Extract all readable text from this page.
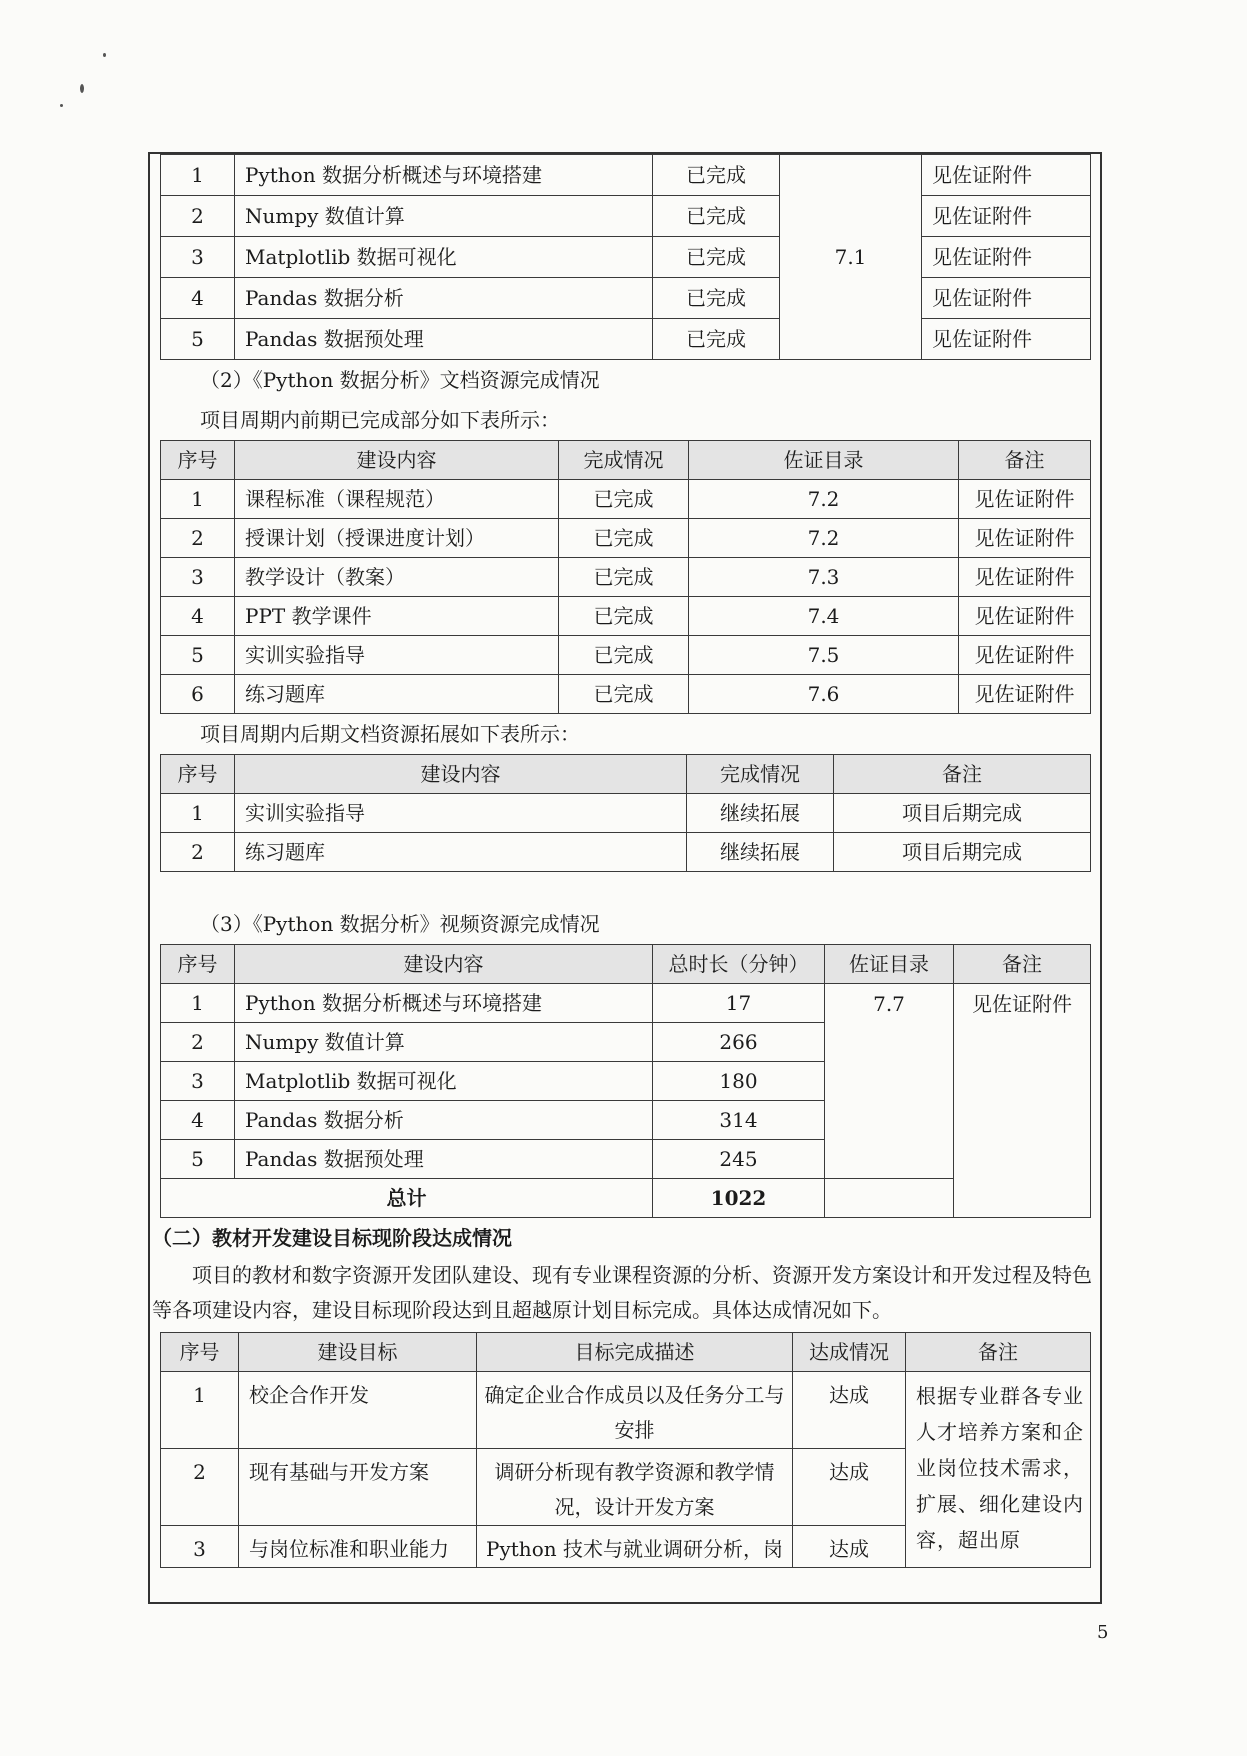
1	Python 数据分析概述与环境搭建	已完成	7.1	见佐证附件
2	Numpy 数值计算	已完成		见佐证附件
3	Matplotlib 数据可视化	已完成		见佐证附件
4	Pandas 数据分析	已完成		见佐证附件
5	Pandas 数据预处理	已完成		见佐证附件
（2）《Python 数据分析》文档资源完成情况
项目周期内前期已完成部分如下表所示：
序号	建设内容	完成情况	佐证目录	备注
1	课程标准（课程规范）	已完成	7.2	见佐证附件
2	授课计划（授课进度计划）	已完成	7.2	见佐证附件
3	教学设计（教案）	已完成	7.3	见佐证附件
4	PPT 教学课件	已完成	7.4	见佐证附件
5	实训实验指导	已完成	7.5	见佐证附件
6	练习题库	已完成	7.6	见佐证附件
项目周期内后期文档资源拓展如下表所示：
序号	建设内容	完成情况	备注
1	实训实验指导	继续拓展	项目后期完成
2	练习题库	继续拓展	项目后期完成
（3）《Python 数据分析》视频资源完成情况
序号	建设内容	总时长（分钟）	佐证目录	备注
1	Python 数据分析概述与环境搭建	17	7.7	见佐证附件
2	Numpy 数值计算	266		
3	Matplotlib 数据可视化	180		
4	Pandas 数据分析	314		
5	Pandas 数据预处理	245		
总计		1022		
（二）教材开发建设目标现阶段达成情况

项目的教材和数字资源开发团队建设、现有专业课程资源的分析、资源开发方案设计和开发过程及特色等各项建设内容，建设目标现阶段达到且超越原计划目标完成。具体达成情况如下。

序号	建设目标	目标完成描述	达成情况	备注
1	校企合作开发	确定企业合作成员以及任务分工与安排	达成	根据专业群各专业人才培养方案和企业岗位技术需求，扩展、细化建设内容，超出原
2	现有基础与开发方案	调研分析现有教学资源和教学情况，设计开发方案	达成	
3	与岗位标准和职业能力	Python 技术与就业调研分析，岗	达成	
5
